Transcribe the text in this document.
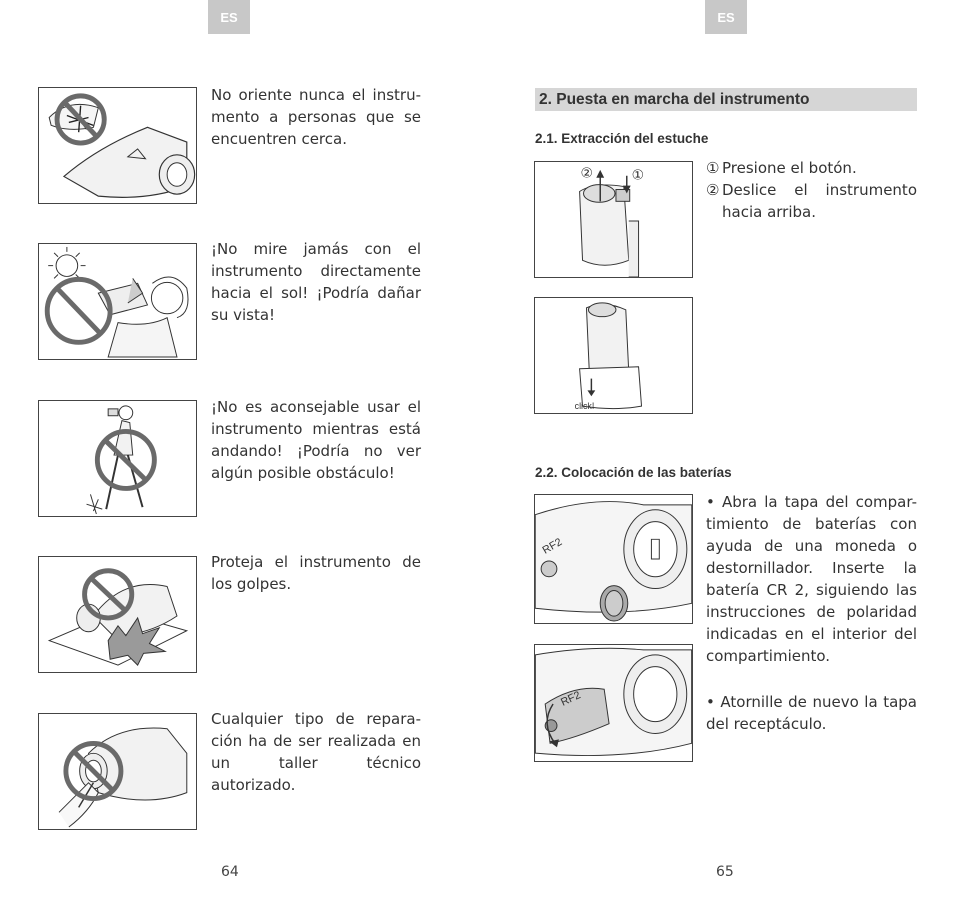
ES	ES
No oriente nunca el instru-mento a personas que se encuentren cerca.
¡No mire jamás con el instrumento directamente hacia el sol! ¡Podría dañar su vista!
¡No es aconsejable usar el instrumento mientras está andando! ¡Podría no ver algún posible obstáculo!
Proteja el instrumento de los golpes.
Cualquier tipo de repara-ción ha de ser realizada en un taller técnico autorizado.
64
2. Puesta en marcha del instrumento
2.1. Extracción del estuche
②	①	① Presione el botón.
② Deslice el instrumento hacia arriba.
click!
2.2. Colocación de las baterías
RF2
RF2
• Abra la tapa del compar-timiento de baterías con ayuda de una moneda o destornillador. Inserte la batería CR 2, siguiendo las instrucciones de polaridad indicadas en el interior del compartimiento.
• Atornille de nuevo la tapa del receptáculo.
65
